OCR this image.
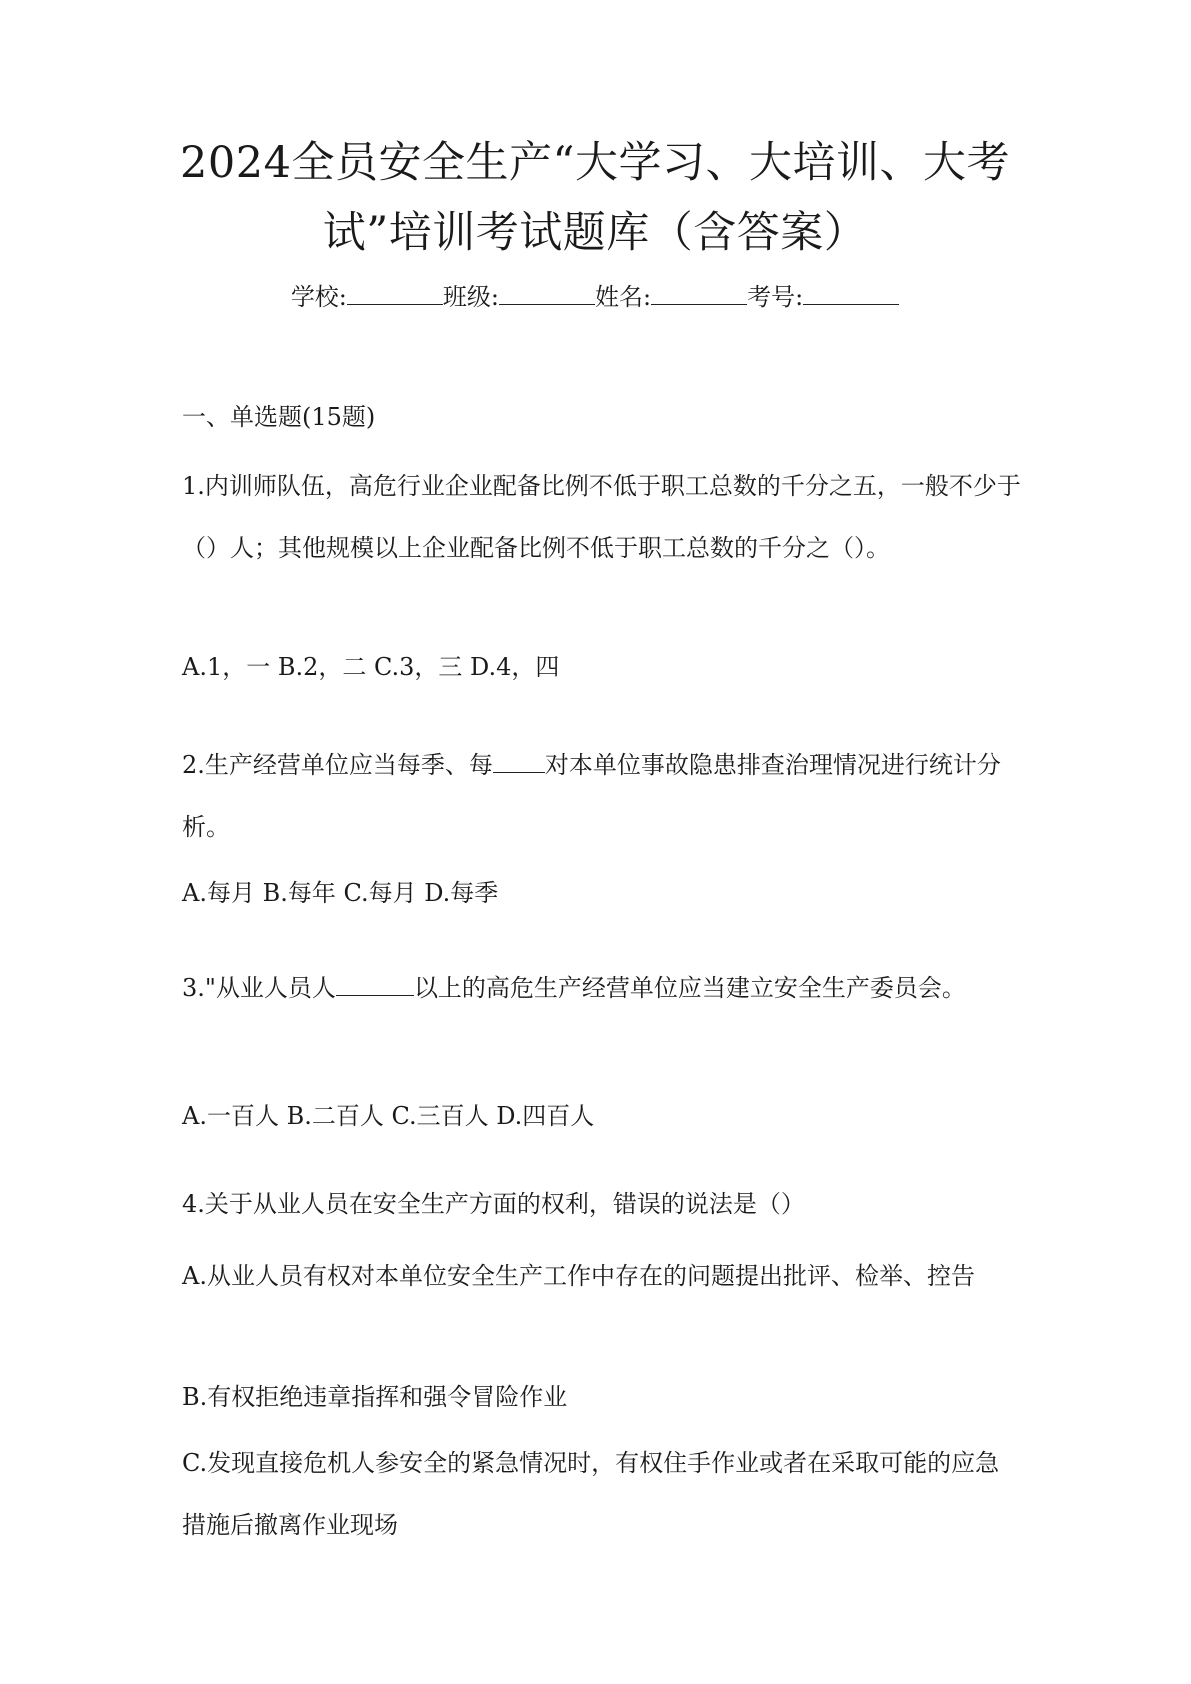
2024全员安全生产“大学习、大培训、大考
试”培训考试题库（含答案）
学校:	班级:	姓名:	考号:

一、单选题(15题)

1.内训师队伍，高危行业企业配备比例不低于职工总数的千分之五，一般不少于（）人；其他规模以上企业配备比例不低于职工总数的千分之（）。

A.1，一 B.2，二 C.3，三 D.4，四

2.生产经营单位应当每季、每 对本单位事故隐患排查治理情况进行统计分析。

A.每月 B.每年 C.每月 D.每季

3."从业人员人	以上的高危生产经营单位应当建立安全生产委员会。

A.一百人 B.二百人 C.三百人 D.四百人

4.关于从业人员在安全生产方面的权利，错误的说法是（）

A.从业人员有权对本单位安全生产工作中存在的问题提出批评、检举、控告

B.有权拒绝违章指挥和强令冒险作业

C.发现直接危机人参安全的紧急情况时，有权住手作业或者在采取可能的应急措施后撤离作业现场
